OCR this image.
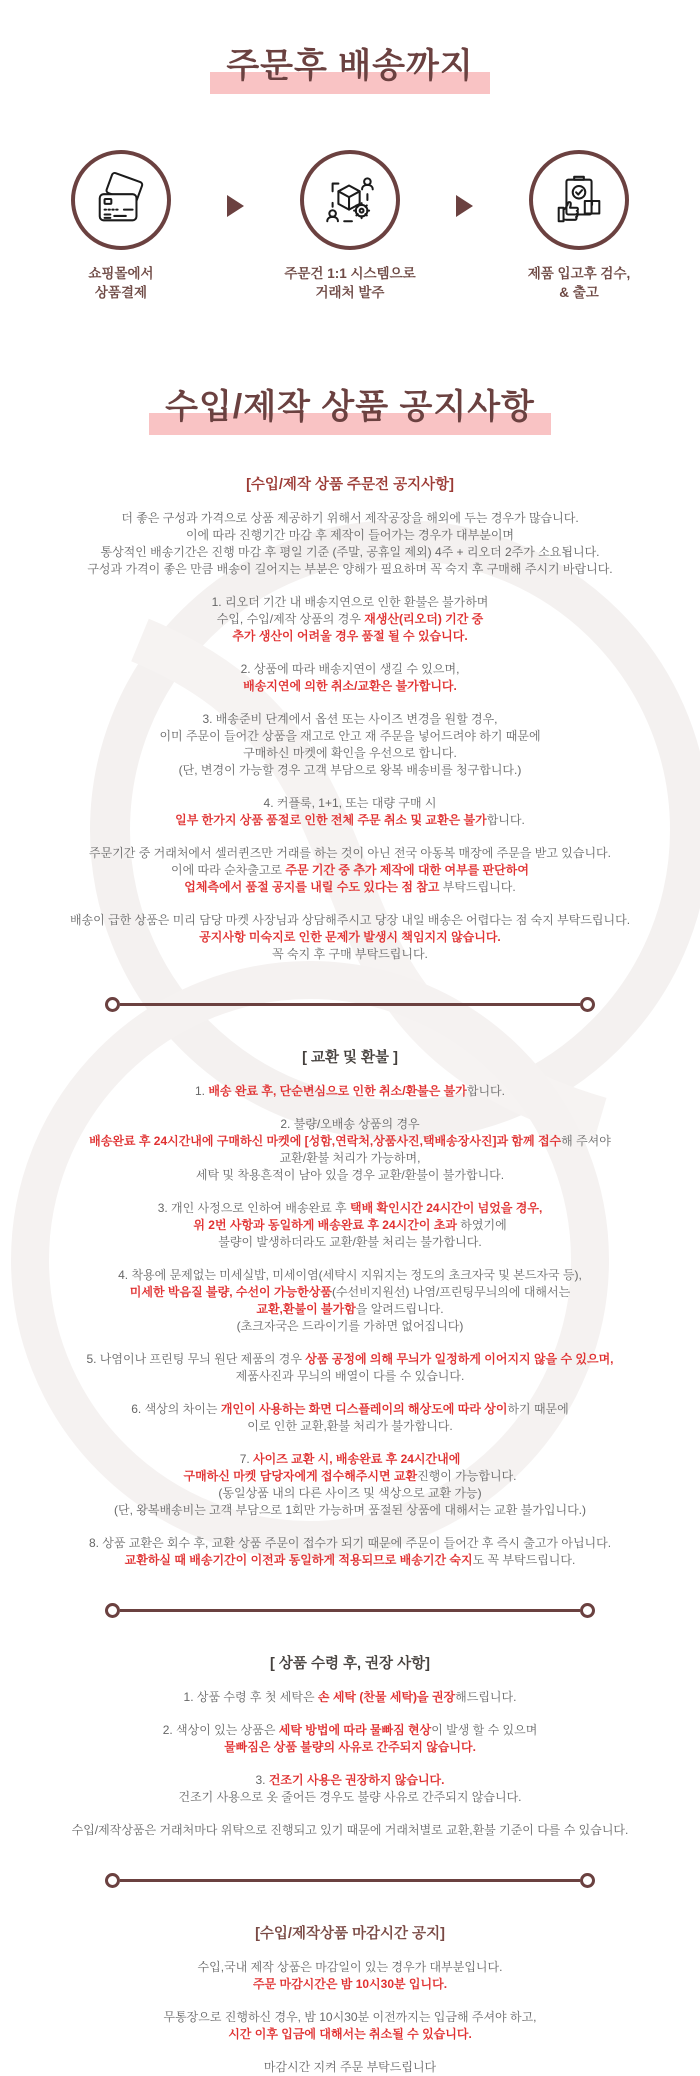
주문후 배송까지
쇼핑몰에서
상품결제
주문건 1:1 시스템으로
거래처 발주
제품 입고후 검수,
& 출고
수입/제작 상품 공지사항
[수입/제작 상품 주문전 공지사항]

더 좋은 구성과 가격으로 상품 제공하기 위해서 제작공장을 해외에 두는 경우가 많습니다.
이에 따라 진행기간 마감 후 제작이 들어가는 경우가 대부분이며
통상적인 배송기간은 진행 마감 후 평일 기준 (주말, 공휴일 제외) 4주 + 리오더 2주가 소요됩니다.
구성과 가격이 좋은 만큼 배송이 길어지는 부분은 양해가 필요하며 꼭 숙지 후 구매해 주시기 바랍니다.

1. 리오더 기간 내 배송지연으로 인한 환불은 불가하며
수입, 수입/제작 상품의 경우 재생산(리오더) 기간 중
추가 생산이 어려울 경우 품절 될 수 있습니다.

2. 상품에 따라 배송지연이 생길 수 있으며,
배송지연에 의한 취소/교환은 불가합니다.

3. 배송준비 단계에서 옵션 또는 사이즈 변경을 원할 경우,
이미 주문이 들어간 상품을 재고로 안고 재 주문을 넣어드려야 하기 때문에
구매하신 마켓에 확인을 우선으로 합니다.
(단, 변경이 가능할 경우 고객 부담으로 왕복 배송비를 청구합니다.)

4. 커플룩, 1+1, 또는 대량 구매 시
일부 한가지 상품 품절로 인한 전체 주문 취소 및 교환은 불가합니다.

주문기간 중 거래처에서 셀러퀸즈만 거래를 하는 것이 아닌 전국 아동복 매장에 주문을 받고 있습니다.
이에 따라 순차출고로 주문 기간 중 추가 제작에 대한 여부를 판단하여
업체측에서 품절 공지를 내릴 수도 있다는 점 참고 부탁드립니다.

배송이 급한 상품은 미리 담당 마켓 사장님과 상담해주시고 당장 내일 배송은 어렵다는 점 숙지 부탁드립니다.
공지사항 미숙지로 인한 문제가 발생시 책임지지 않습니다.
꼭 숙지 후 구매 부탁드립니다.

[ 교환 및 환불 ]

1. 배송 완료 후, 단순변심으로 인한 취소/환불은 불가합니다.

2. 불량/오배송 상품의 경우
배송완료 후 24시간내에 구매하신 마켓에 [성함,연락처,상품사진,택배송장사진]과 함께 접수해 주셔야
교환/환불 처리가 가능하며,
세탁 및 착용흔적이 남아 있을 경우 교환/환불이 불가합니다.

3. 개인 사정으로 인하여 배송완료 후 택배 확인시간 24시간이 넘었을 경우,
위 2번 사항과 동일하게 배송완료 후 24시간이 초과 하였기에
불량이 발생하더라도 교환/환불 처리는 불가합니다.

4. 착용에 문제없는 미세실밥, 미세이염(세탁시 지워지는 정도의 초크자국 및 본드자국 등),
미세한 박음질 불량, 수선이 가능한상품(수선비지원선) 나염/프린팅무늬의에 대해서는
교환,환불이 불가함을 알려드립니다.
(초크자국은 드라이기를 가하면 없어집니다)

5. 나염이나 프린팅 무늬 원단 제품의 경우 상품 공정에 의해 무늬가 일정하게 이어지지 않을 수 있으며,
제품사진과 무늬의 배열이 다를 수 있습니다.

6. 색상의 차이는 개인이 사용하는 화면 디스플레이의 해상도에 따라 상이하기 때문에
이로 인한 교환,환불 처리가 불가합니다.

7. 사이즈 교환 시, 배송완료 후 24시간내에
구매하신 마켓 담당자에게 접수해주시면 교환진행이 가능합니다.
(동일상품 내의 다른 사이즈 및 색상으로 교환 가능)
(단, 왕복배송비는 고객 부담으로 1회만 가능하며 품절된 상품에 대해서는 교환 불가입니다.)

8. 상품 교환은 회수 후, 교환 상품 주문이 접수가 되기 때문에 주문이 들어간 후 즉시 출고가 아닙니다.
교환하실 때 배송기간이 이전과 동일하게 적용되므로 배송기간 숙지도 꼭 부탁드립니다.

[ 상품 수령 후, 권장 사항]

1. 상품 수령 후 첫 세탁은 손 세탁 (찬물 세탁)을 권장해드립니다.

2. 색상이 있는 상품은 세탁 방법에 따라 물빠짐 현상이 발생 할 수 있으며
물빠짐은 상품 불량의 사유로 간주되지 않습니다.

3. 건조기 사용은 권장하지 않습니다.
건조기 사용으로 옷 줄어든 경우도 불량 사유로 간주되지 않습니다.

수입/제작상품은 거래처마다 위탁으로 진행되고 있기 때문에 거래처별로 교환,환불 기준이 다를 수 있습니다.

[수입/제작상품 마감시간 공지]

수입,국내 제작 상품은 마감일이 있는 경우가 대부분입니다.
주문 마감시간은 밤 10시30분 입니다.

무통장으로 진행하신 경우, 밤 10시30분 이전까지는 입금해 주셔야 하고,
시간 이후 입금에 대해서는 취소될 수 있습니다.

마감시간 지켜 주문 부탁드립니다
